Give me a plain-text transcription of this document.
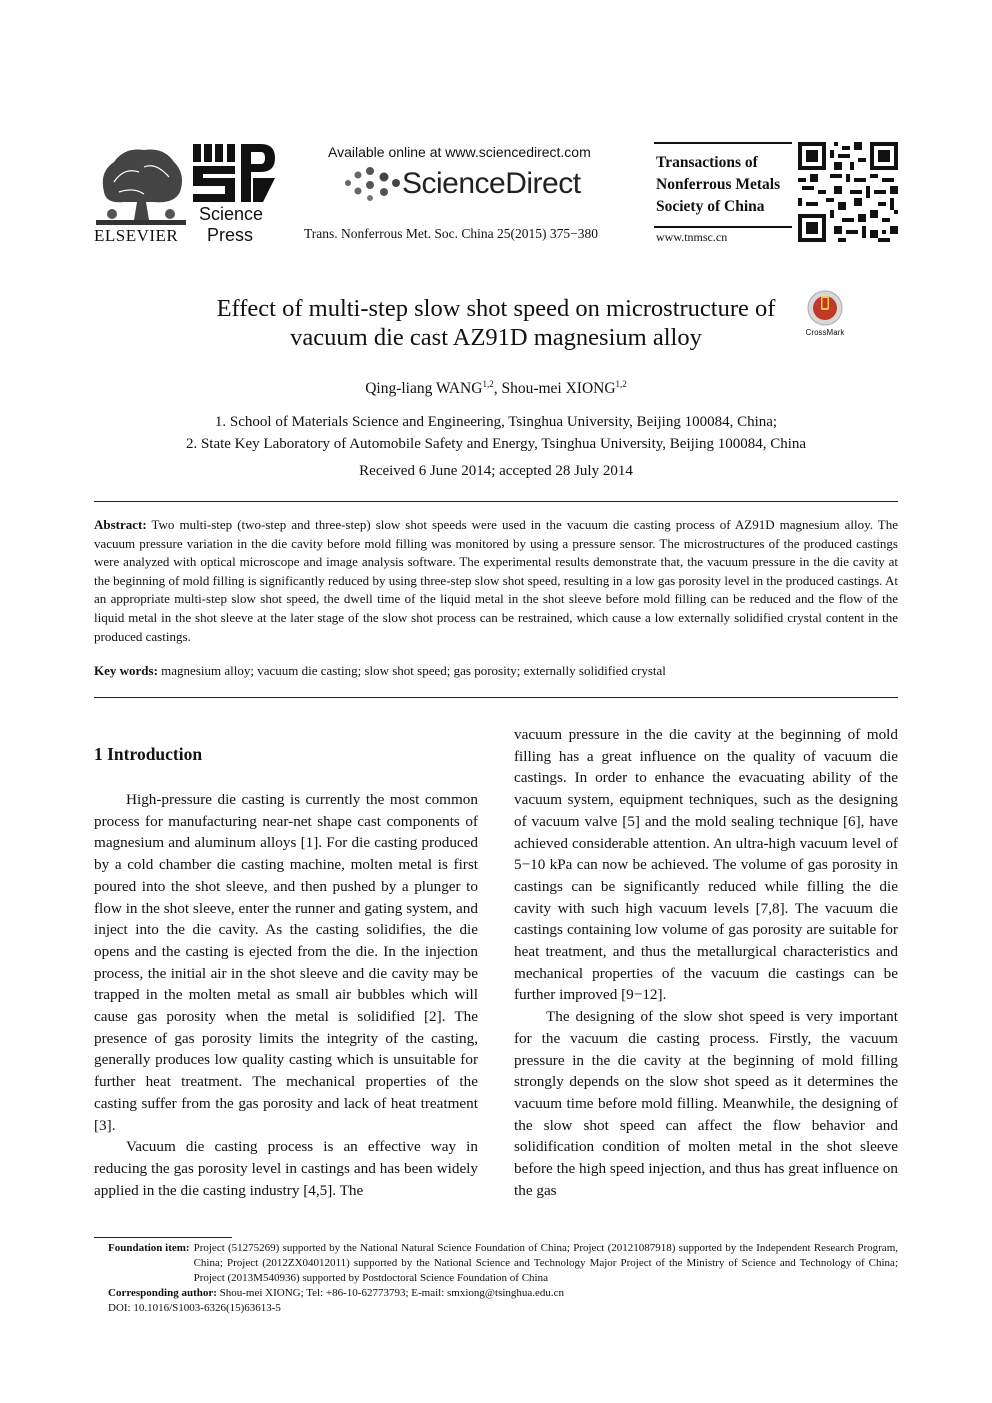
ELSEVIER
Science
Press
Available online at www.sciencedirect.com
ScienceDirect
Trans. Nonferrous Met. Soc. China 25(2015) 375−380
Transactions of
Nonferrous Metals
Society of China
www.tnmsc.cn
Effect of multi-step slow shot speed on microstructure of
vacuum die cast AZ91D magnesium alloy	CrossMark
Qing-liang WANG$^{1,2}$, Shou-mei XIONG$^{1,2}$
1. School of Materials Science and Engineering, Tsinghua University, Beijing 100084, China;
2. State Key Laboratory of Automobile Safety and Energy, Tsinghua University, Beijing 100084, China
Received 6 June 2014; accepted 28 July 2014
Abstract: Two multi-step (two-step and three-step) slow shot speeds were used in the vacuum die casting process of AZ91D magnesium alloy. The vacuum pressure variation in the die cavity before mold filling was monitored by using a pressure sensor. The microstructures of the produced castings were analyzed with optical microscope and image analysis software. The experimental results demonstrate that, the vacuum pressure in the die cavity at the beginning of mold filling is significantly reduced by using three-step slow shot speed, resulting in a low gas porosity level in the produced castings. At an appropriate multi-step slow shot speed, the dwell time of the liquid metal in the shot sleeve before mold filling can be reduced and the flow of the liquid metal in the shot sleeve at the later stage of the slow shot process can be restrained, which cause a low externally solidified crystal content in the produced castings.
Key words: magnesium alloy; vacuum die casting; slow shot speed; gas porosity; externally solidified crystal
1 Introduction

High-pressure die casting is currently the most common process for manufacturing near-net shape cast components of magnesium and aluminum alloys [1]. For die casting produced by a cold chamber die casting machine, molten metal is first poured into the shot sleeve, and then pushed by a plunger to flow in the shot sleeve, enter the runner and gating system, and inject into the die cavity. As the casting solidifies, the die opens and the casting is ejected from the die. In the injection process, the initial air in the shot sleeve and die cavity may be trapped in the molten metal as small air bubbles which will cause gas porosity when the metal is solidified [2]. The presence of gas porosity limits the integrity of the casting, generally produces low quality casting which is unsuitable for further heat treatment. The mechanical properties of the casting suffer from the gas porosity and lack of heat treatment [3].

Vacuum die casting process is an effective way in reducing the gas porosity level in castings and has been widely applied in the die casting industry [4,5]. The

vacuum pressure in the die cavity at the beginning of mold filling has a great influence on the quality of vacuum die castings. In order to enhance the evacuating ability of the vacuum system, equipment techniques, such as the designing of vacuum valve [5] and the mold sealing technique [6], have achieved considerable attention. An ultra-high vacuum level of 5−10 kPa can now be achieved. The volume of gas porosity in castings can be significantly reduced while filling the die cavity with such high vacuum levels [7,8]. The vacuum die castings containing low volume of gas porosity are suitable for heat treatment, and thus the metallurgical characteristics and mechanical properties of the vacuum die castings can be further improved [9−12].

The designing of the slow shot speed is very important for the vacuum die casting process. Firstly, the vacuum pressure in the die cavity at the beginning of mold filling strongly depends on the slow shot speed as it determines the vacuum time before mold filling. Meanwhile, the designing of the slow shot speed can affect the flow behavior and solidification condition of molten metal in the shot sleeve before the high speed injection, and thus has great influence on the gas

Foundation item: Project (51275269) supported by the National Natural Science Foundation of China; Project (20121087918) supported by the Independent Research Program, China; Project (2012ZX04012011) supported by the National Science and Technology Major Project of the Ministry of Science and Technology of China; Project (2013M540936) supported by Postdoctoral Science Foundation of China
Corresponding author: Shou-mei XIONG; Tel: +86-10-62773793; E-mail: smxiong@tsinghua.edu.cn
DOI: 10.1016/S1003-6326(15)63613-5
